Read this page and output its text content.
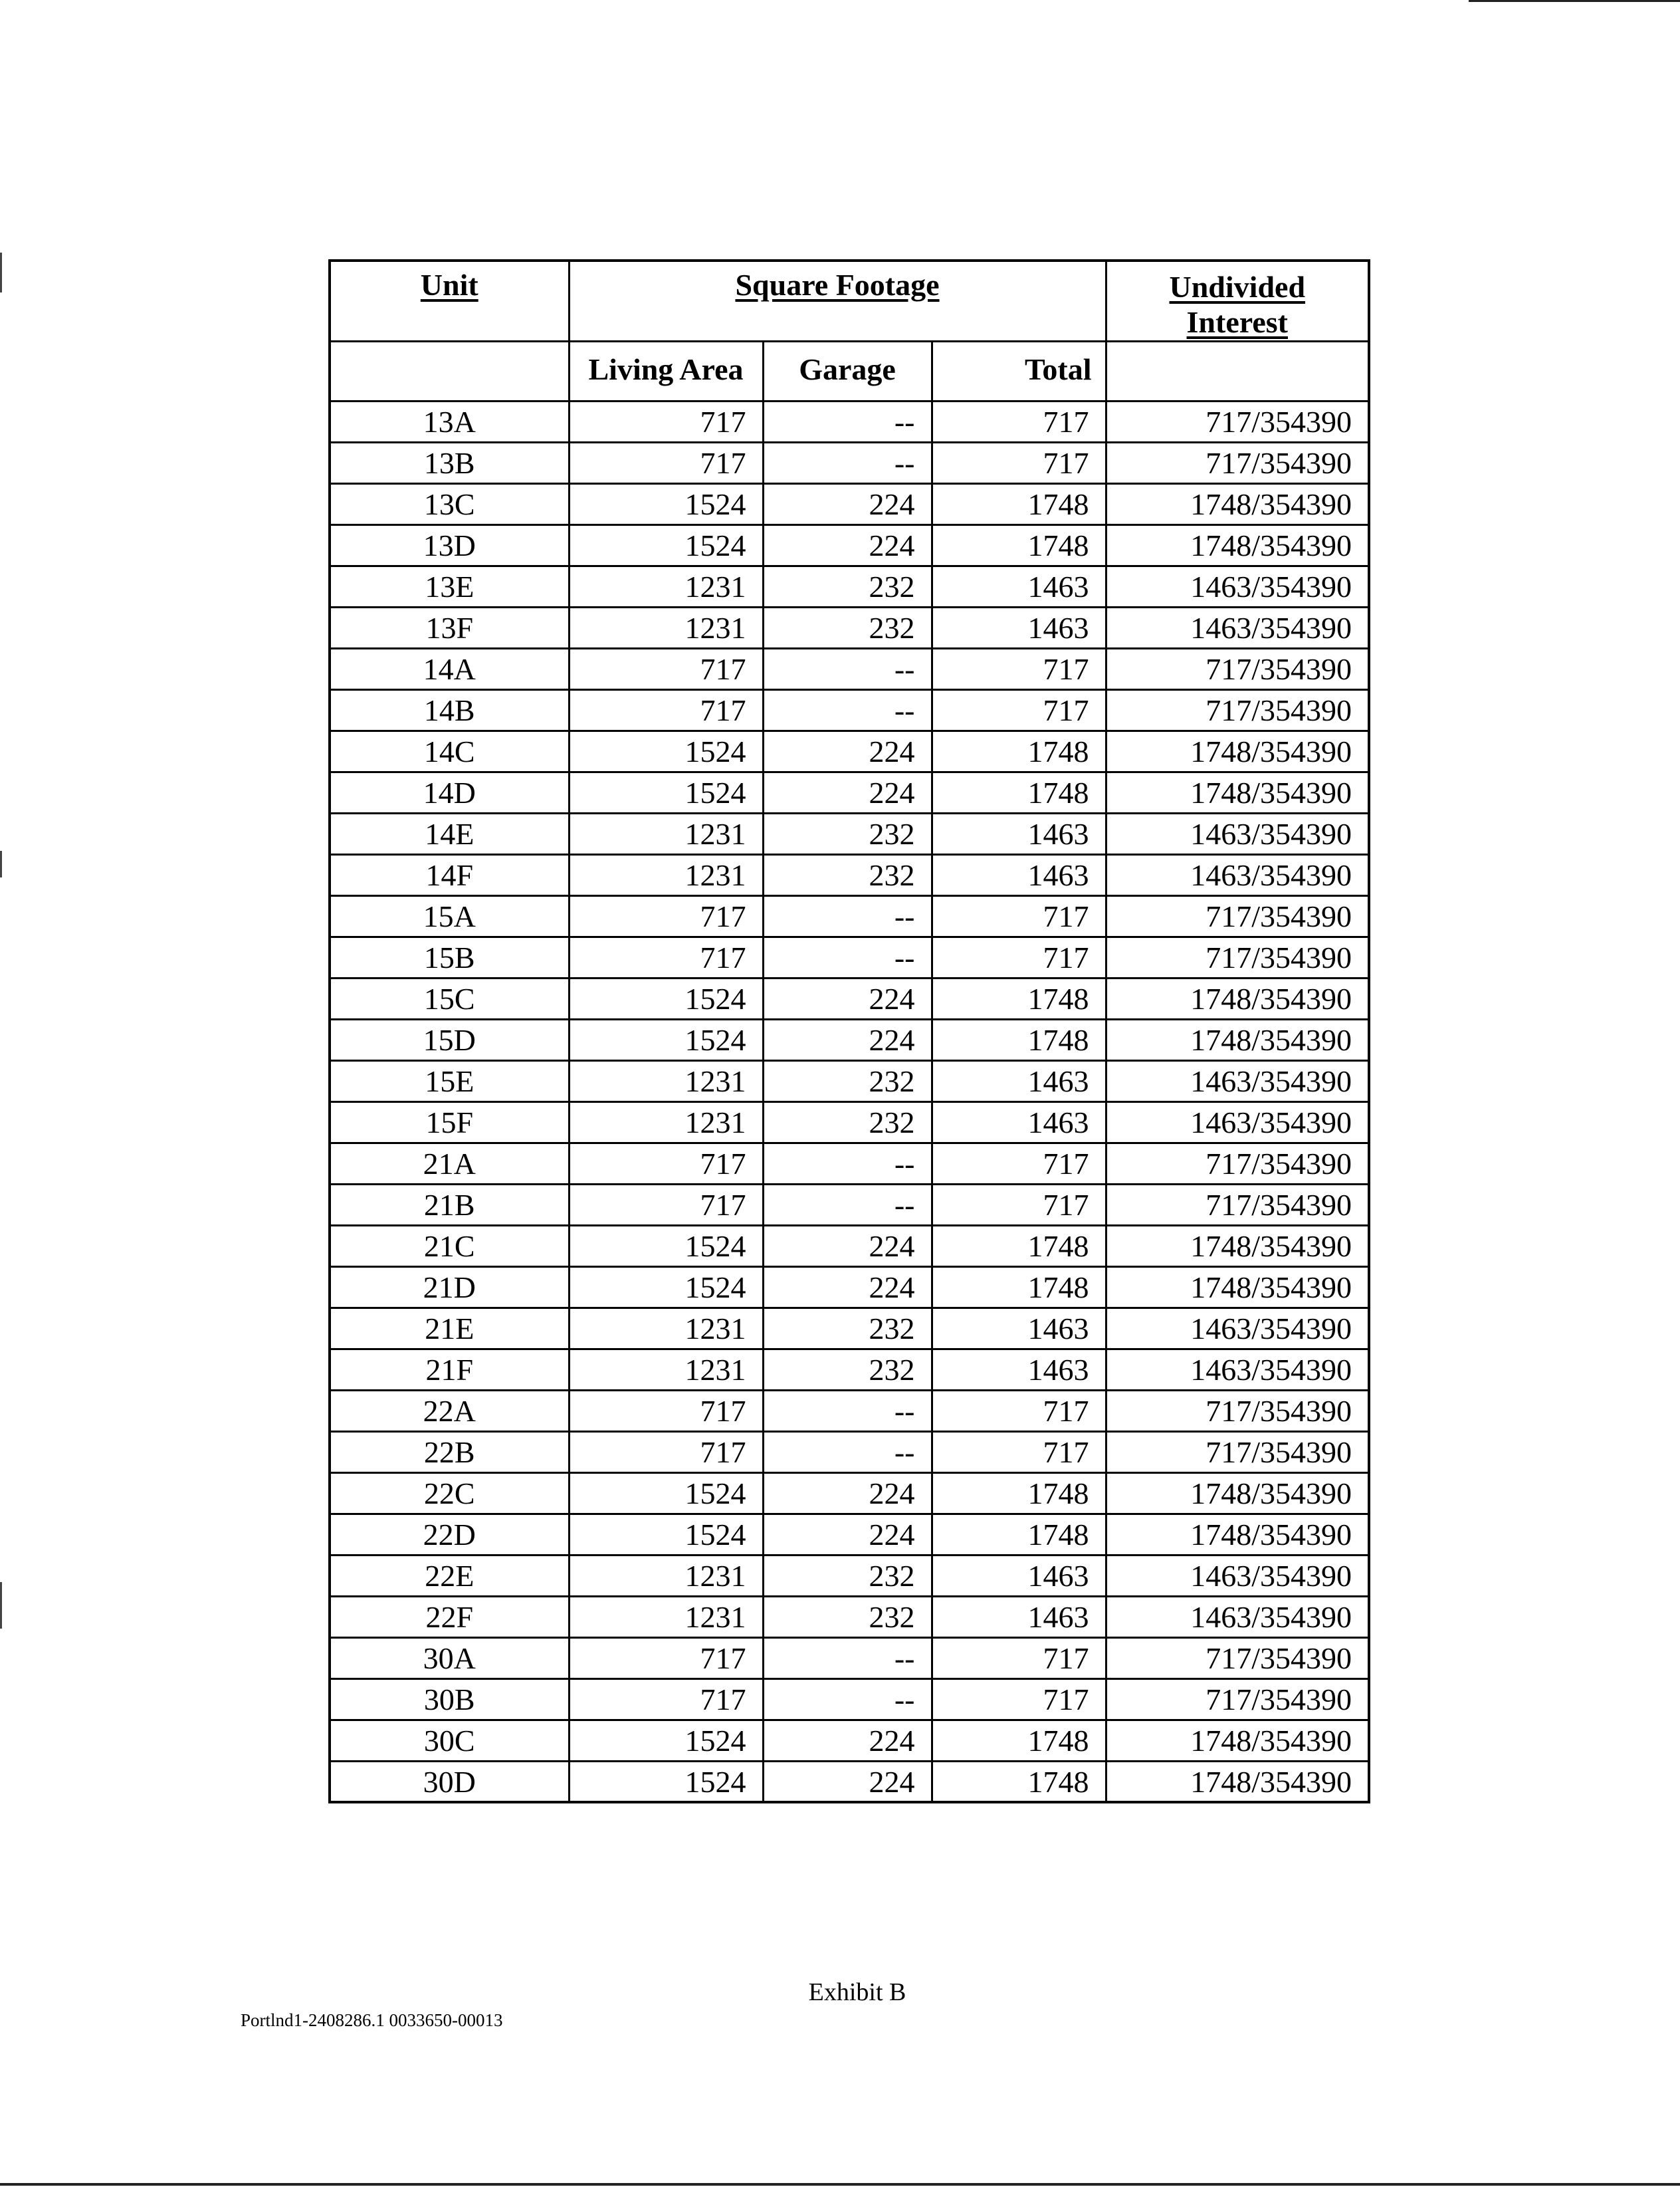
Unit	Square Footage			Undivided
Interest
	Living Area	Garage	Total	
13A	717	--	717	717/354390
13B	717	--	717	717/354390
13C	1524	224	1748	1748/354390
13D	1524	224	1748	1748/354390
13E	1231	232	1463	1463/354390
13F	1231	232	1463	1463/354390
14A	717	--	717	717/354390
14B	717	--	717	717/354390
14C	1524	224	1748	1748/354390
14D	1524	224	1748	1748/354390
14E	1231	232	1463	1463/354390
14F	1231	232	1463	1463/354390
15A	717	--	717	717/354390
15B	717	--	717	717/354390
15C	1524	224	1748	1748/354390
15D	1524	224	1748	1748/354390
15E	1231	232	1463	1463/354390
15F	1231	232	1463	1463/354390
21A	717	--	717	717/354390
21B	717	--	717	717/354390
21C	1524	224	1748	1748/354390
21D	1524	224	1748	1748/354390
21E	1231	232	1463	1463/354390
21F	1231	232	1463	1463/354390
22A	717	--	717	717/354390
22B	717	--	717	717/354390
22C	1524	224	1748	1748/354390
22D	1524	224	1748	1748/354390
22E	1231	232	1463	1463/354390
22F	1231	232	1463	1463/354390
30A	717	--	717	717/354390
30B	717	--	717	717/354390
30C	1524	224	1748	1748/354390
30D	1524	224	1748	1748/354390
Exhibit B
Portlnd1-2408286.1 0033650-00013
